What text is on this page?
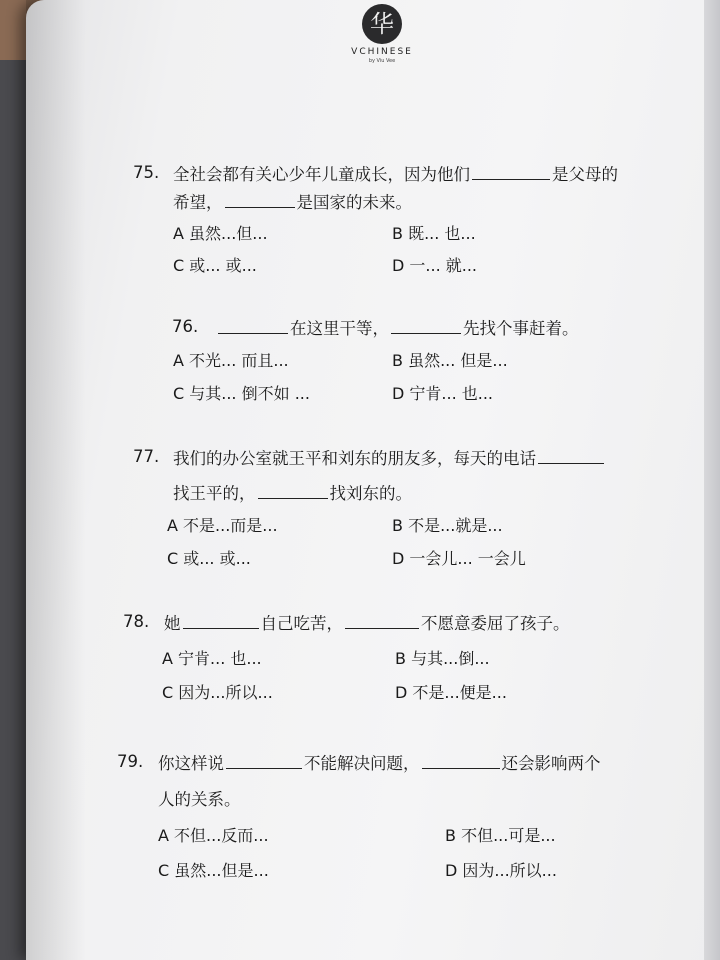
华
VCHINESE
by Viu Vee
75. 全社会都有关心少年儿童成长，因为他们	是父母的
希望，	是国家的未来。
A 虽然...但...	B 既... 也...
C 或... 或...	D 一... 就...
76.	在这里干等，	先找个事赶着。
A 不光... 而且...	B 虽然... 但是...
C 与其... 倒不如 ...	D 宁肯... 也...
77. 我们的办公室就王平和刘东的朋友多，每天的电话
找王平的，	找刘东的。
A 不是...而是...	B 不是...就是...
C 或... 或...	D 一会儿... 一会儿
78. 她	自己吃苦，	不愿意委屈了孩子。
A 宁肯... 也...	B 与其...倒...
C 因为...所以...	D 不是...便是...
79. 你这样说	不能解决问题，	还会影响两个
人的关系。
A 不但...反而...	B 不但...可是...
C 虽然...但是...	D 因为...所以...
